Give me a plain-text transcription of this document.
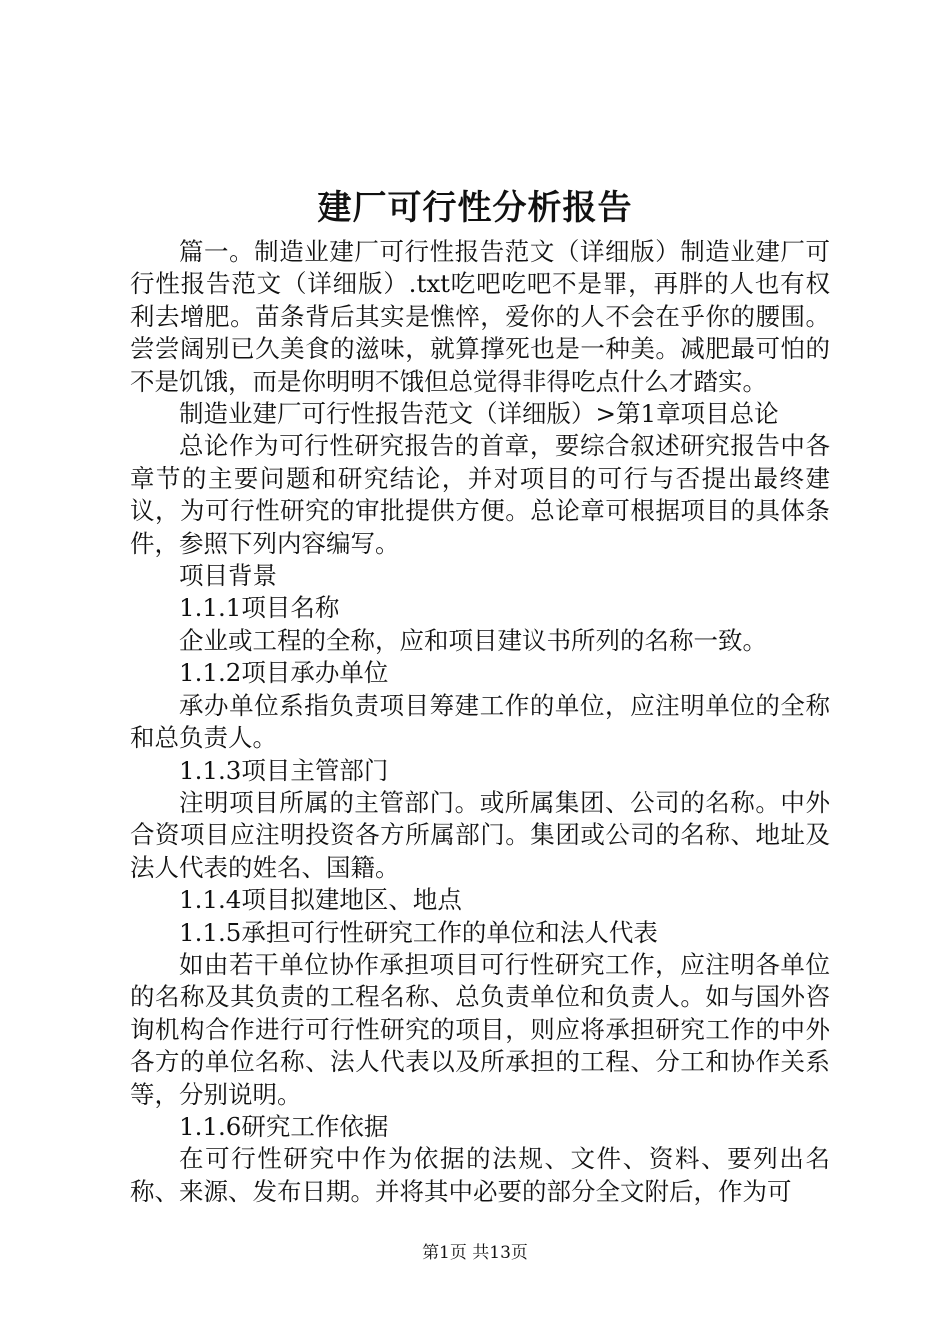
建厂可行性分析报告

篇一。制造业建厂可行性报告范文（详细版）制造业建厂可行性报告范文（详细版）.txt吃吧吃吧不是罪，再胖的人也有权利去增肥。苗条背后其实是憔悴，爱你的人不会在乎你的腰围。尝尝阔别已久美食的滋味，就算撑死也是一种美。减肥最可怕的不是饥饿，而是你明明不饿但总觉得非得吃点什么才踏实。

制造业建厂可行性报告范文（详细版）>第1章项目总论

总论作为可行性研究报告的首章，要综合叙述研究报告中各章节的主要问题和研究结论，并对项目的可行与否提出最终建议，为可行性研究的审批提供方便。总论章可根据项目的具体条件，参照下列内容编写。

项目背景

1.1.1项目名称

企业或工程的全称，应和项目建议书所列的名称一致。

1.1.2项目承办单位

承办单位系指负责项目筹建工作的单位，应注明单位的全称和总负责人。

1.1.3项目主管部门

注明项目所属的主管部门。或所属集团、公司的名称。中外合资项目应注明投资各方所属部门。集团或公司的名称、地址及法人代表的姓名、国籍。

1.1.4项目拟建地区、地点

1.1.5承担可行性研究工作的单位和法人代表

如由若干单位协作承担项目可行性研究工作，应注明各单位的名称及其负责的工程名称、总负责单位和负责人。如与国外咨询机构合作进行可行性研究的项目，则应将承担研究工作的中外各方的单位名称、法人代表以及所承担的工程、分工和协作关系等，分别说明。

1.1.6研究工作依据

在可行性研究中作为依据的法规、文件、资料、要列出名称、来源、发布日期。并将其中必要的部分全文附后，作为可

第1页 共13页
